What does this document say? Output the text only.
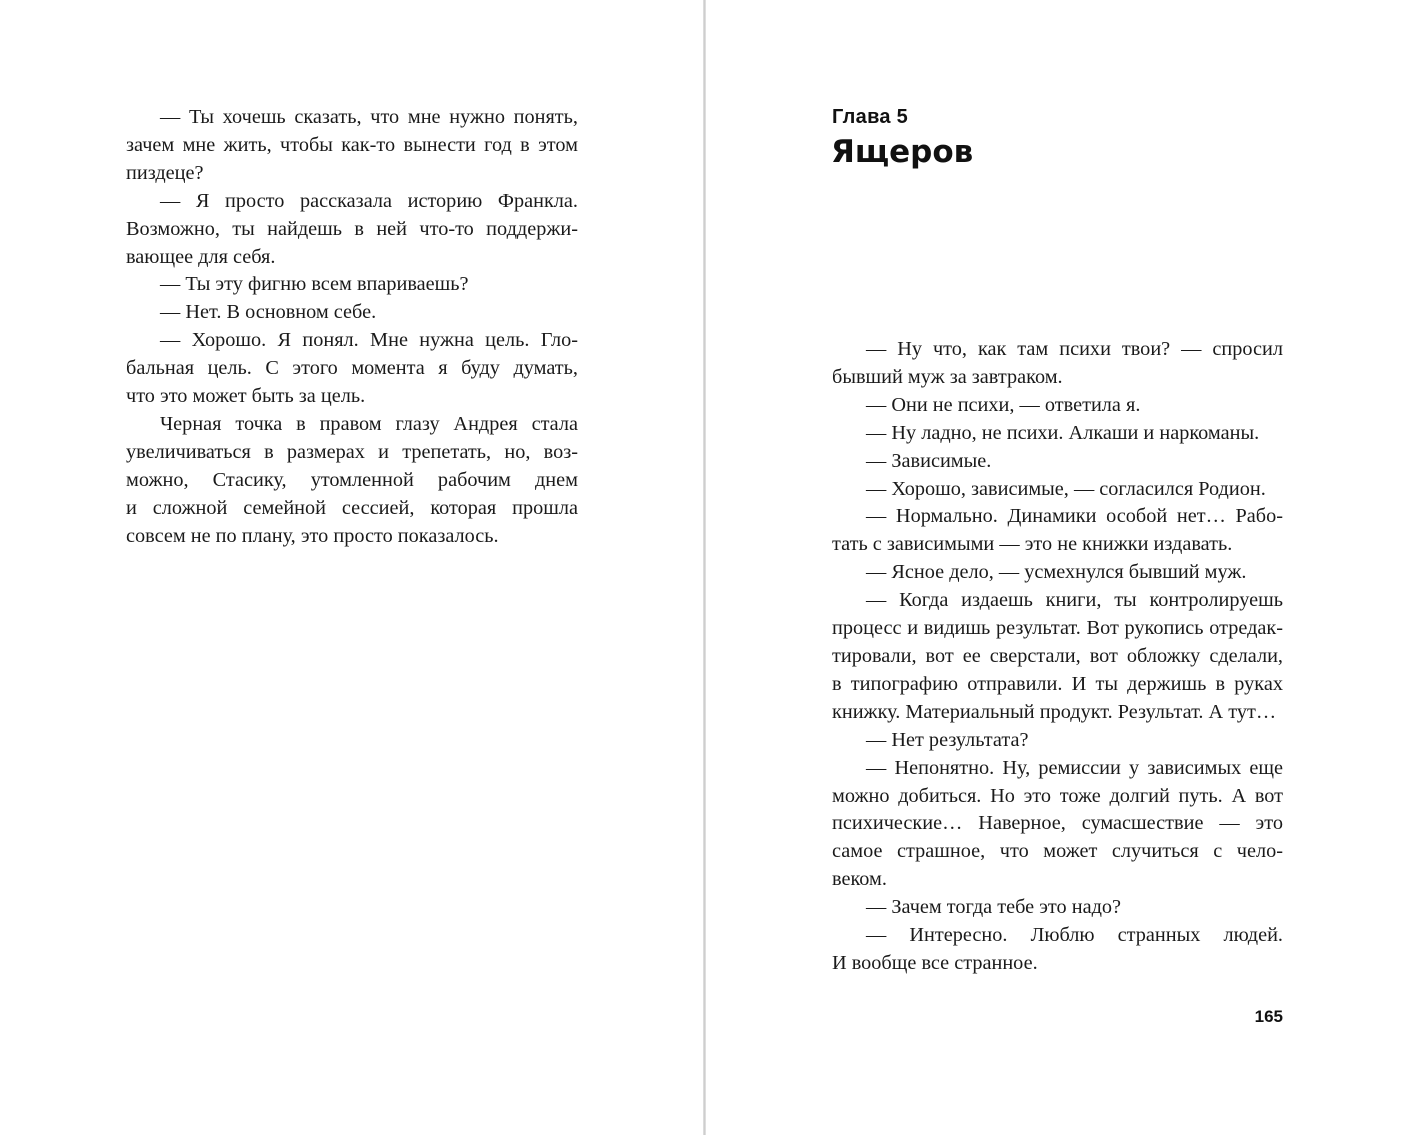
— Ты хочешь сказать, что мне нужно понять,
зачем мне жить, чтобы как-то вынести год в этом
пиздеце?
— Я просто рассказала историю Франкла.
Возможно, ты найдешь в ней что-то поддержи-
вающее для себя.
— Ты эту фигню всем впариваешь?
— Нет. В основном себе.
— Хорошо. Я понял. Мне нужна цель. Гло-
бальная цель. С этого момента я буду думать,
что это может быть за цель.
Черная точка в правом глазу Андрея стала
увеличиваться в размерах и трепетать, но, воз-
можно, Стасику, утомленной рабочим днем
и сложной семейной сессией, которая прошла
совсем не по плану, это просто показалось.
Глава 5
Ящеров
— Ну что, как там психи твои? — спросил
бывший муж за завтраком.
— Они не психи, — ответила я.
— Ну ладно, не психи. Алкаши и наркоманы.
— Зависимые.
— Хорошо, зависимые, — согласился Родион.
— Нормально. Динамики особой нет… Рабо-
тать с зависимыми — это не книжки издавать.
— Ясное дело, — усмехнулся бывший муж.
— Когда издаешь книги, ты контролируешь
процесс и видишь результат. Вот рукопись отредак-
тировали, вот ее сверстали, вот обложку сделали,
в типографию отправили. И ты держишь в руках
книжку. Материальный продукт. Результат. А тут…
— Нет результата?
— Непонятно. Ну, ремиссии у зависимых еще
можно добиться. Но это тоже долгий путь. А вот
психические… Наверное, сумасшествие — это
самое страшное, что может случиться с чело-
веком.
— Зачем тогда тебе это надо?
— Интересно. Люблю странных людей.
И вообще все странное.
165
